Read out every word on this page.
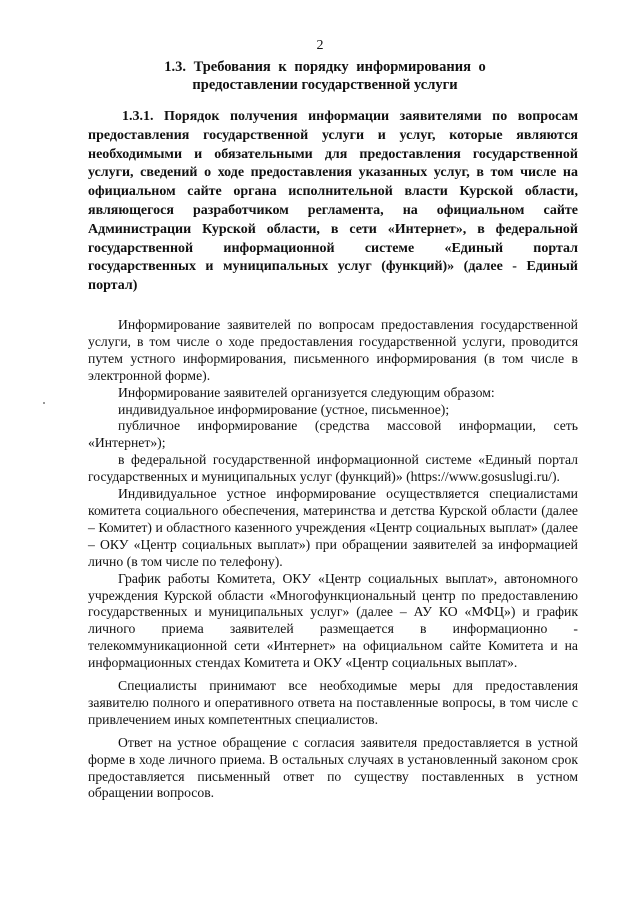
2
1.3. Требования к порядку информирования о
предоставлении государственной услуги
1.3.1. Порядок получения информации заявителями по вопросам предоставления государственной услуги и услуг, которые являются необходимыми и обязательными для предоставления государственной услуги, сведений о ходе предоставления указанных услуг, в том числе на официальном сайте органа исполнительной власти Курской области, являющегося разработчиком регламента, на официальном сайте Администрации Курской области, в сети «Интернет», в федеральной государственной информационной системе «Единый портал государственных и муниципальных услуг (функций)» (далее - Единый портал)

Информирование заявителей по вопросам предоставления государственной услуги, в том числе о ходе предоставления государственной услуги, проводится путем устного информирования, письменного информирования (в том числе в электронной форме).

Информирование заявителей организуется следующим образом:

индивидуальное информирование (устное, письменное);

публичное информирование (средства массовой информации, сеть «Интернет»);

в федеральной государственной информационной системе «Единый портал государственных и муниципальных услуг (функций)» (https://www.gosuslugi.ru/).

Индивидуальное устное информирование осуществляется специалистами комитета социального обеспечения, материнства и детства Курской области (далее – Комитет) и областного казенного учреждения «Центр социальных выплат» (далее – ОКУ «Центр социальных выплат») при обращении заявителей за информацией лично (в том числе по телефону).

График работы Комитета, ОКУ «Центр социальных выплат», автономного учреждения Курской области «Многофункциональный центр по предоставлению государственных и муниципальных услуг» (далее – АУ КО «МФЦ») и график личного приема заявителей размещается в информационно - телекоммуникационной сети «Интернет» на официальном сайте Комитета и на информационных стендах Комитета и ОКУ «Центр социальных выплат».

Специалисты принимают все необходимые меры для предоставления заявителю полного и оперативного ответа на поставленные вопросы, в том числе с привлечением иных компетентных специалистов.

Ответ на устное обращение с согласия заявителя предоставляется в устной форме в ходе личного приема. В остальных случаях в установленный законом срок предоставляется письменный ответ по существу поставленных в устном обращении вопросов.
